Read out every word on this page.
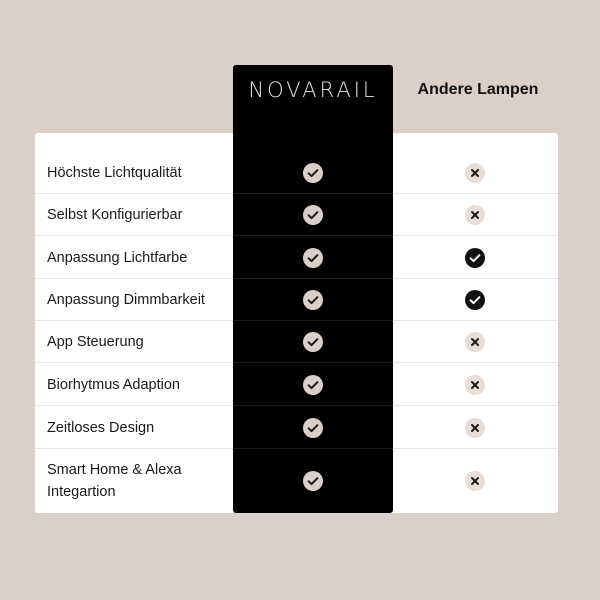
NOVARAIL	Andere Lampen
Höchste Lichtqualität
Selbst Konfigurierbar
Anpassung Lichtfarbe
Anpassung Dimmbarkeit
App Steuerung
Biorhytmus Adaption
Zeitloses Design
Smart Home & Alexa Integartion
